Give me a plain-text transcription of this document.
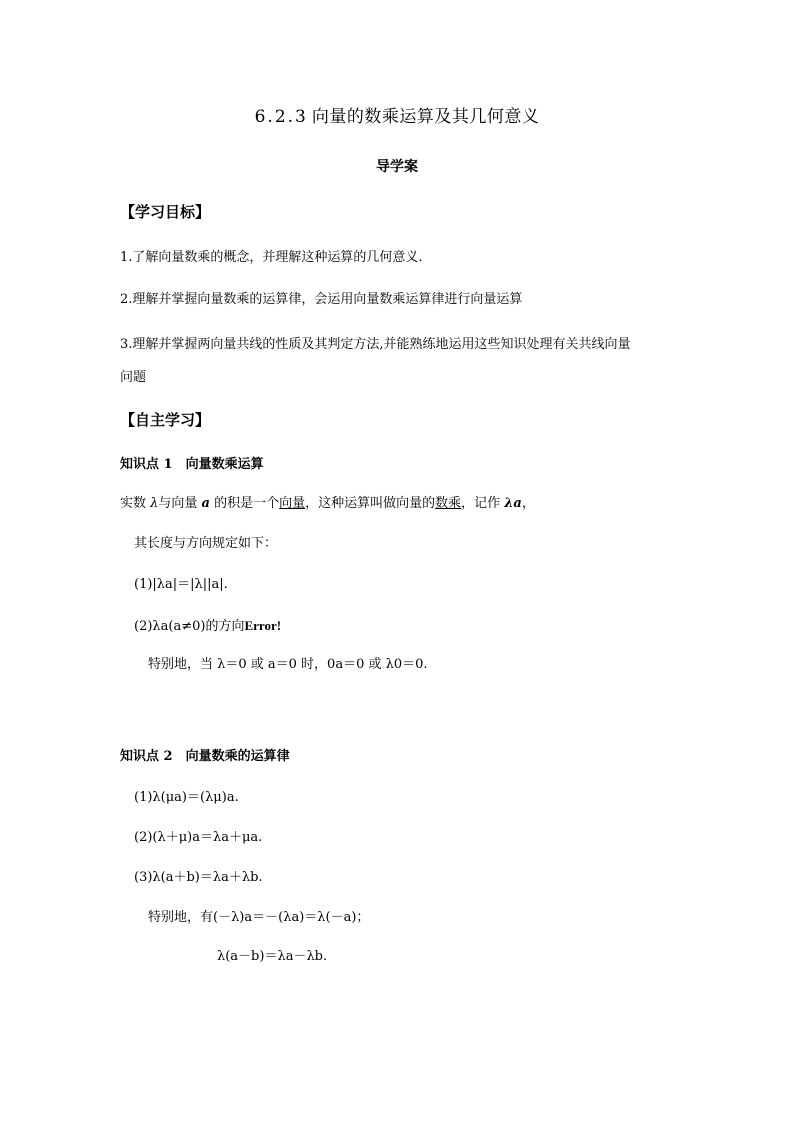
6.2.3 向量的数乘运算及其几何意义
导学案
【学习目标】
1.了解向量数乘的概念，并理解这种运算的几何意义.
2.理解并掌握向量数乘的运算律，会运用向量数乘运算律进行向量运算
3.理解并掌握两向量共线的性质及其判定方法,并能熟练地运用这些知识处理有关共线向量
问题
【自主学习】
知识点 1　向量数乘运算
实数 λ与向量 a 的积是一个向量，这种运算叫做向量的数乘，记作 λa，
其长度与方向规定如下：
(1)|λa|＝|λ||a|.
(2)λa(a≠0)的方向Error!
特别地，当 λ＝0 或 a＝0 时，0a＝0 或 λ0＝0.
知识点 2　向量数乘的运算律
(1)λ(μa)＝(λμ)a.
(2)(λ＋μ)a＝λa＋μa.
(3)λ(a＋b)＝λa＋λb.
特别地，有(－λ)a＝－(λa)＝λ(－a)；
λ(a－b)＝λa－λb.
